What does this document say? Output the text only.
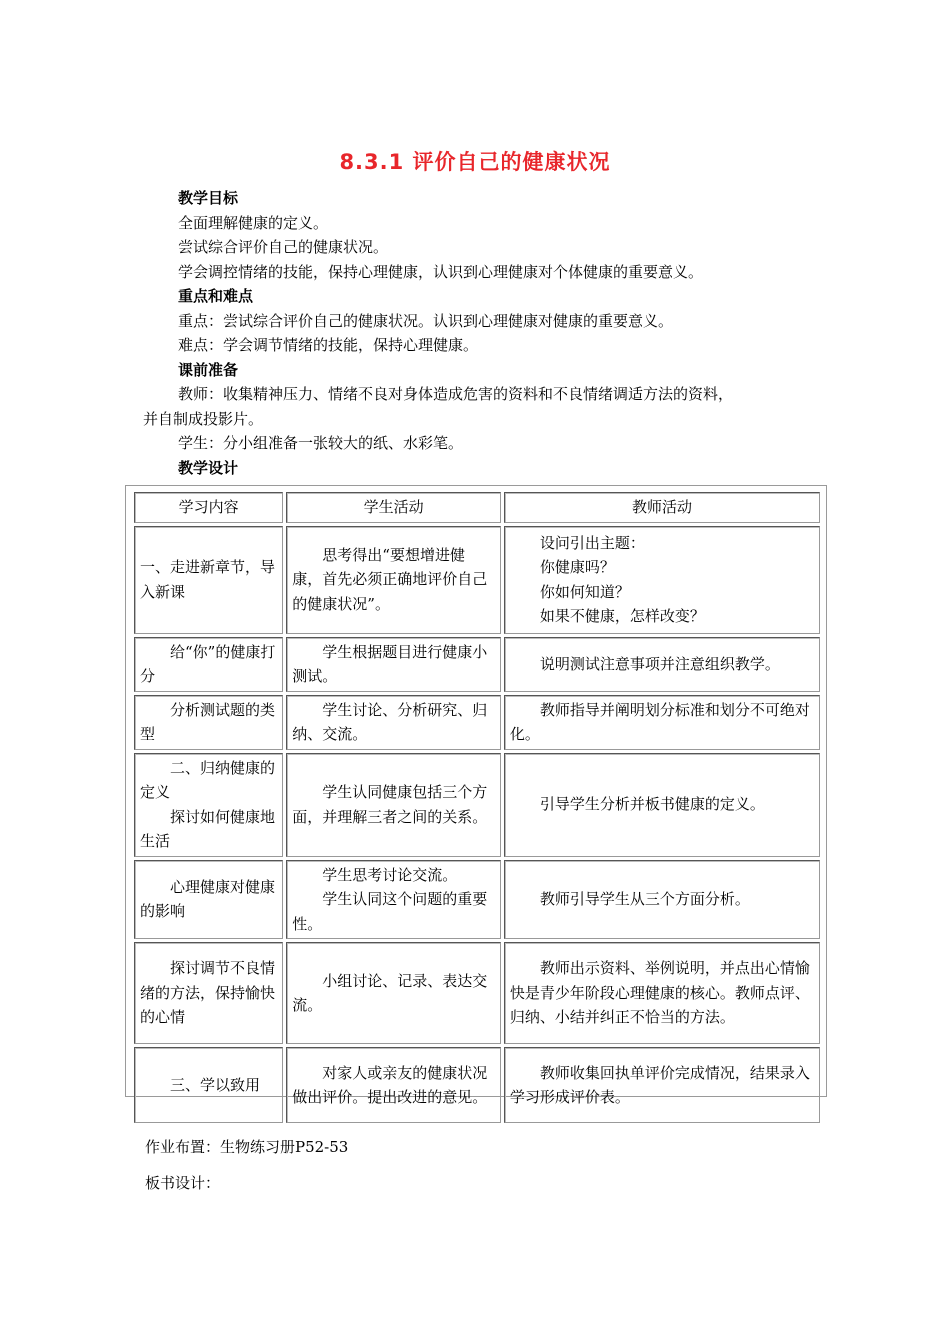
8.3.1 评价自己的健康状况
教学目标
全面理解健康的定义。
尝试综合评价自己的健康状况。
学会调控情绪的技能，保持心理健康，认识到心理健康对个体健康的重要意义。
重点和难点
重点：尝试综合评价自己的健康状况。认识到心理健康对健康的重要意义。
难点：学会调节情绪的技能，保持心理健康。
课前准备
教师：收集精神压力、情绪不良对身体造成危害的资料和不良情绪调适方法的资料，
并自制成投影片。
学生：分小组准备一张较大的纸、水彩笔。
教学设计
学习内容	学生活动	教师活动

一、走进新章节，导入新课	思考得出“要想增进健康，首先必须正确地评价自己的健康状况”。	设问引出主题：
你健康吗？
你如何知道？
如果不健康，怎样改变？

给“你”的健康打分	学生根据题目进行健康小测试。	说明测试注意事项并注意组织教学。

分析测试题的类型	学生讨论、分析研究、归纳、交流。	教师指导并阐明划分标准和划分不可绝对化。

二、归纳健康的定义
探讨如何健康地生活	学生认同健康包括三个方面，并理解三者之间的关系。	引导学生分析并板书健康的定义。

心理健康对健康的影响	学生思考讨论交流。
学生认同这个问题的重要性。	教师引导学生从三个方面分析。

探讨调节不良情绪的方法，保持愉快的心情	小组讨论、记录、表达交流。	教师出示资料、举例说明，并点出心情愉快是青少年阶段心理健康的核心。教师点评、归纳、小结并纠正不恰当的方法。

三、学以致用	对家人或亲友的健康状况做出评价。提出改进的意见。	教师收集回执单评价完成情况，结果录入学习形成评价表。
作业布置：生物练习册P52-53
板书设计：
